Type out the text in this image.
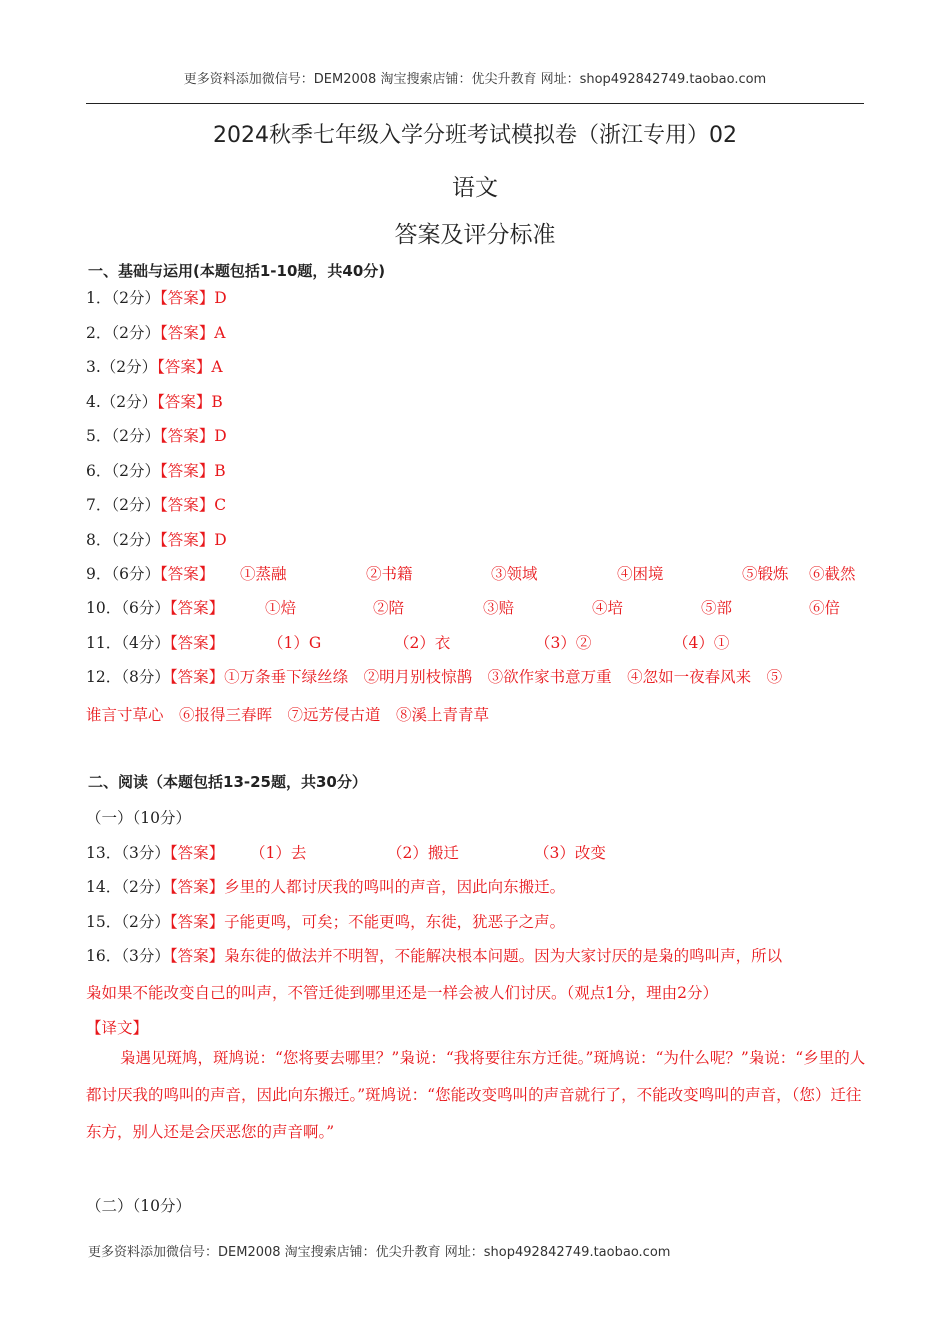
更多资料添加微信号：DEM2008 淘宝搜索店铺：优尖升教育 网址：shop492842749.taobao.com
2024秋季七年级入学分班考试模拟卷（浙江专用）02
语文
答案及评分标准
一、基础与运用(本题包括1-10题，共40分)
1．（2分）【答案】D
2．（2分）【答案】A
3.（2分）【答案】A
4.（2分）【答案】B
5．（2分）【答案】D
6．（2分）【答案】B
7．（2分）【答案】C
8．（2分）【答案】D
9．（6分）【答案】 ①蒸融	②书籍	③领域	④困境	⑤锻炼 ⑥截然
10．（6分）【答案】	①焙	②陪	③赔	④培	⑤部	⑥倍
11．（4分）【答案】	（1）G	（2）衣	（3）②	（4）①
12．（8分）【答案】①万条垂下绿丝绦　②明月别枝惊鹊　③欲作家书意万重　④忽如一夜春风来　⑤
谁言寸草心　⑥报得三春晖　⑦远芳侵古道　⑧溪上青青草
二、阅读（本题包括13-25题，共30分）
（一）（10分）
13．（3分）【答案】 （1）去	（2）搬迁	（3）改变
14．（2分）【答案】乡里的人都讨厌我的鸣叫的声音，因此向东搬迁。
15．（2分）【答案】子能更鸣，可矣；不能更鸣，东徙，犹恶子之声。
16．（3分）【答案】枭东徙的做法并不明智，不能解决根本问题。因为大家讨厌的是枭的鸣叫声，所以
枭如果不能改变自己的叫声，不管迁徙到哪里还是一样会被人们讨厌。（观点1分，理由2分）
【译文】
枭遇见斑鸠，斑鸠说：“您将要去哪里？”枭说：“我将要往东方迁徙。”斑鸠说：“为什么呢？”枭说：“乡里的人都讨厌我的鸣叫的声音，因此向东搬迁。”斑鸠说：“您能改变鸣叫的声音就行了，不能改变鸣叫的声音，（您）迁往东方，别人还是会厌恶您的声音啊。”
（二）（10分）
更多资料添加微信号：DEM2008 淘宝搜索店铺：优尖升教育 网址：shop492842749.taobao.com
